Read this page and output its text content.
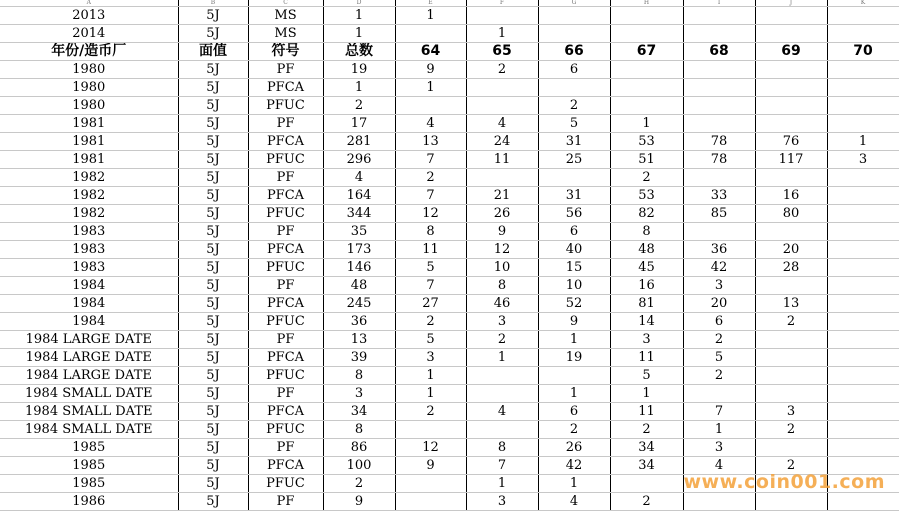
A	B	C	D	E	F	G	H	I	J	K
2013	5J	MS	1	1						
2014	5J	MS	1		1					
年份/造币厂	面值	符号	总数	64	65	66	67	68	69	70
1980	5J	PF	19	9	2	6				
1980	5J	PFCA	1	1						
1980	5J	PFUC	2			2				
1981	5J	PF	17	4	4	5	1			
1981	5J	PFCA	281	13	24	31	53	78	76	1
1981	5J	PFUC	296	7	11	25	51	78	117	3
1982	5J	PF	4	2			2			
1982	5J	PFCA	164	7	21	31	53	33	16	
1982	5J	PFUC	344	12	26	56	82	85	80	
1983	5J	PF	35	8	9	6	8			
1983	5J	PFCA	173	11	12	40	48	36	20	
1983	5J	PFUC	146	5	10	15	45	42	28	
1984	5J	PF	48	7	8	10	16	3		
1984	5J	PFCA	245	27	46	52	81	20	13	
1984	5J	PFUC	36	2	3	9	14	6	2	
1984 LARGE DATE	5J	PF	13	5	2	1	3	2		
1984 LARGE DATE	5J	PFCA	39	3	1	19	11	5		
1984 LARGE DATE	5J	PFUC	8	1			5	2		
1984 SMALL DATE	5J	PF	3	1		1	1			
1984 SMALL DATE	5J	PFCA	34	2	4	6	11	7	3	
1984 SMALL DATE	5J	PFUC	8			2	2	1	2	
1985	5J	PF	86	12	8	26	34	3		
1985	5J	PFCA	100	9	7	42	34	4	2	
1985	5J	PFUC	2		1	1				
1986	5J	PF	9		3	4	2			
www.coin001.com
